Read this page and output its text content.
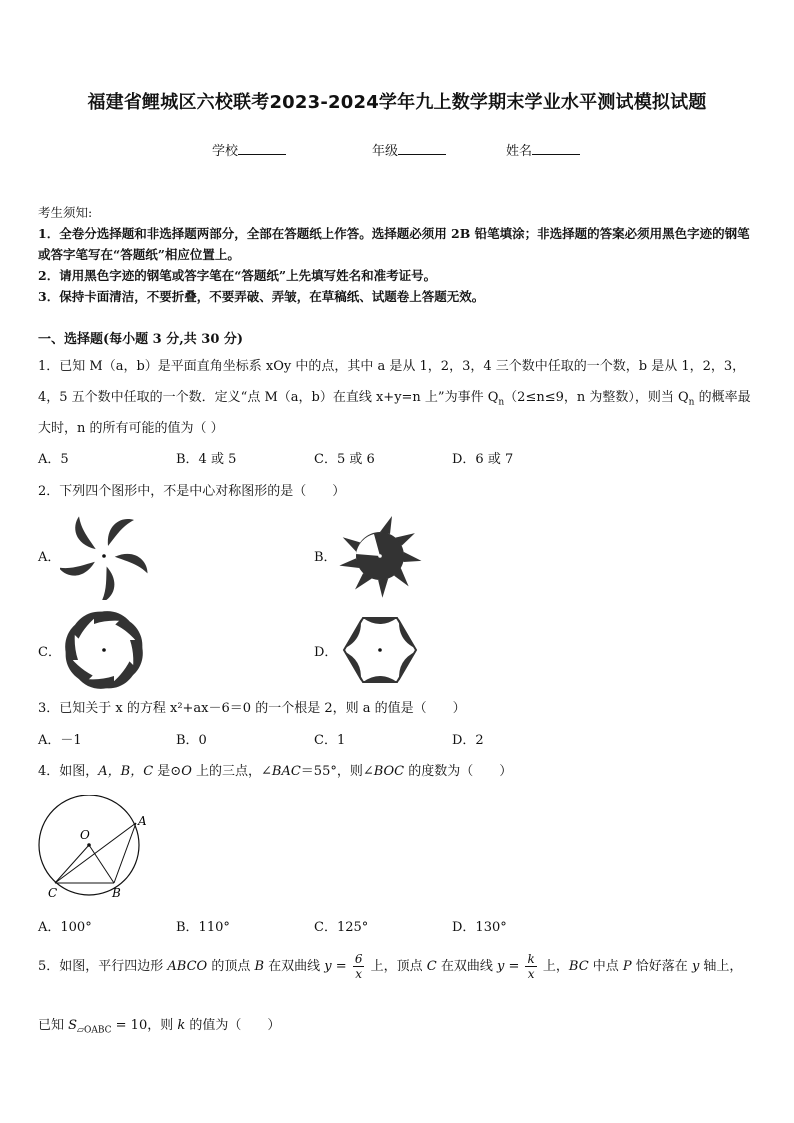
福建省鲤城区六校联考2023-2024学年九上数学期末学业水平测试模拟试题
学校	年级	姓名
考生须知:
1．全卷分选择题和非选择题两部分，全部在答题纸上作答。选择题必须用 2B 铅笔填涂；非选择题的答案必须用黑色字迹的钢笔或答字笔写在“答题纸”相应位置上。
2．请用黑色字迹的钢笔或答字笔在“答题纸”上先填写姓名和准考证号。
3．保持卡面清洁，不要折叠，不要弄破、弄皱，在草稿纸、试题卷上答题无效。
一、选择题(每小题 3 分,共 30 分)
1．已知 M（a，b）是平面直角坐标系 xOy 中的点，其中 a 是从 1，2，3，4 三个数中任取的一个数，b 是从 1，2，3，
4，5 五个数中任取的一个数．定义“点 M（a，b）在直线 x+y=n 上”为事件 $Q_n(2\le n\le 9$，n 为整数），则当 $Q_n$ 的概率最
大时，n 的所有可能的值为（ ）
A．5	B．4 或 5	C．5 或 6	D．6 或 7
2．下列四个图形中，不是中心对称图形的是（　　）
A．	B．
C．	D．
3．已知关于 x 的方程 x²+ax－6＝0 的一个根是 2，则 a 的值是（　　）
A．－1	B．0	C．1	D．2
4．如图，A，B，C 是⊙O 上的三点，∠BAC＝55°，则∠BOC 的度数为（　　）
O
A
C	B
A．100°	B．110°	C．125°	D．130°
5．如图，平行四边形 ABCO 的顶点 B 在双曲线 $y = \frac{6}{x}$ 上，顶点 C 在双曲线 $y = \frac{k}{x}$ 上，BC 中点 P 恰好落在 y 轴上，
已知 $S_{▱OABC} = 10$，则 k 的值为（　　）
